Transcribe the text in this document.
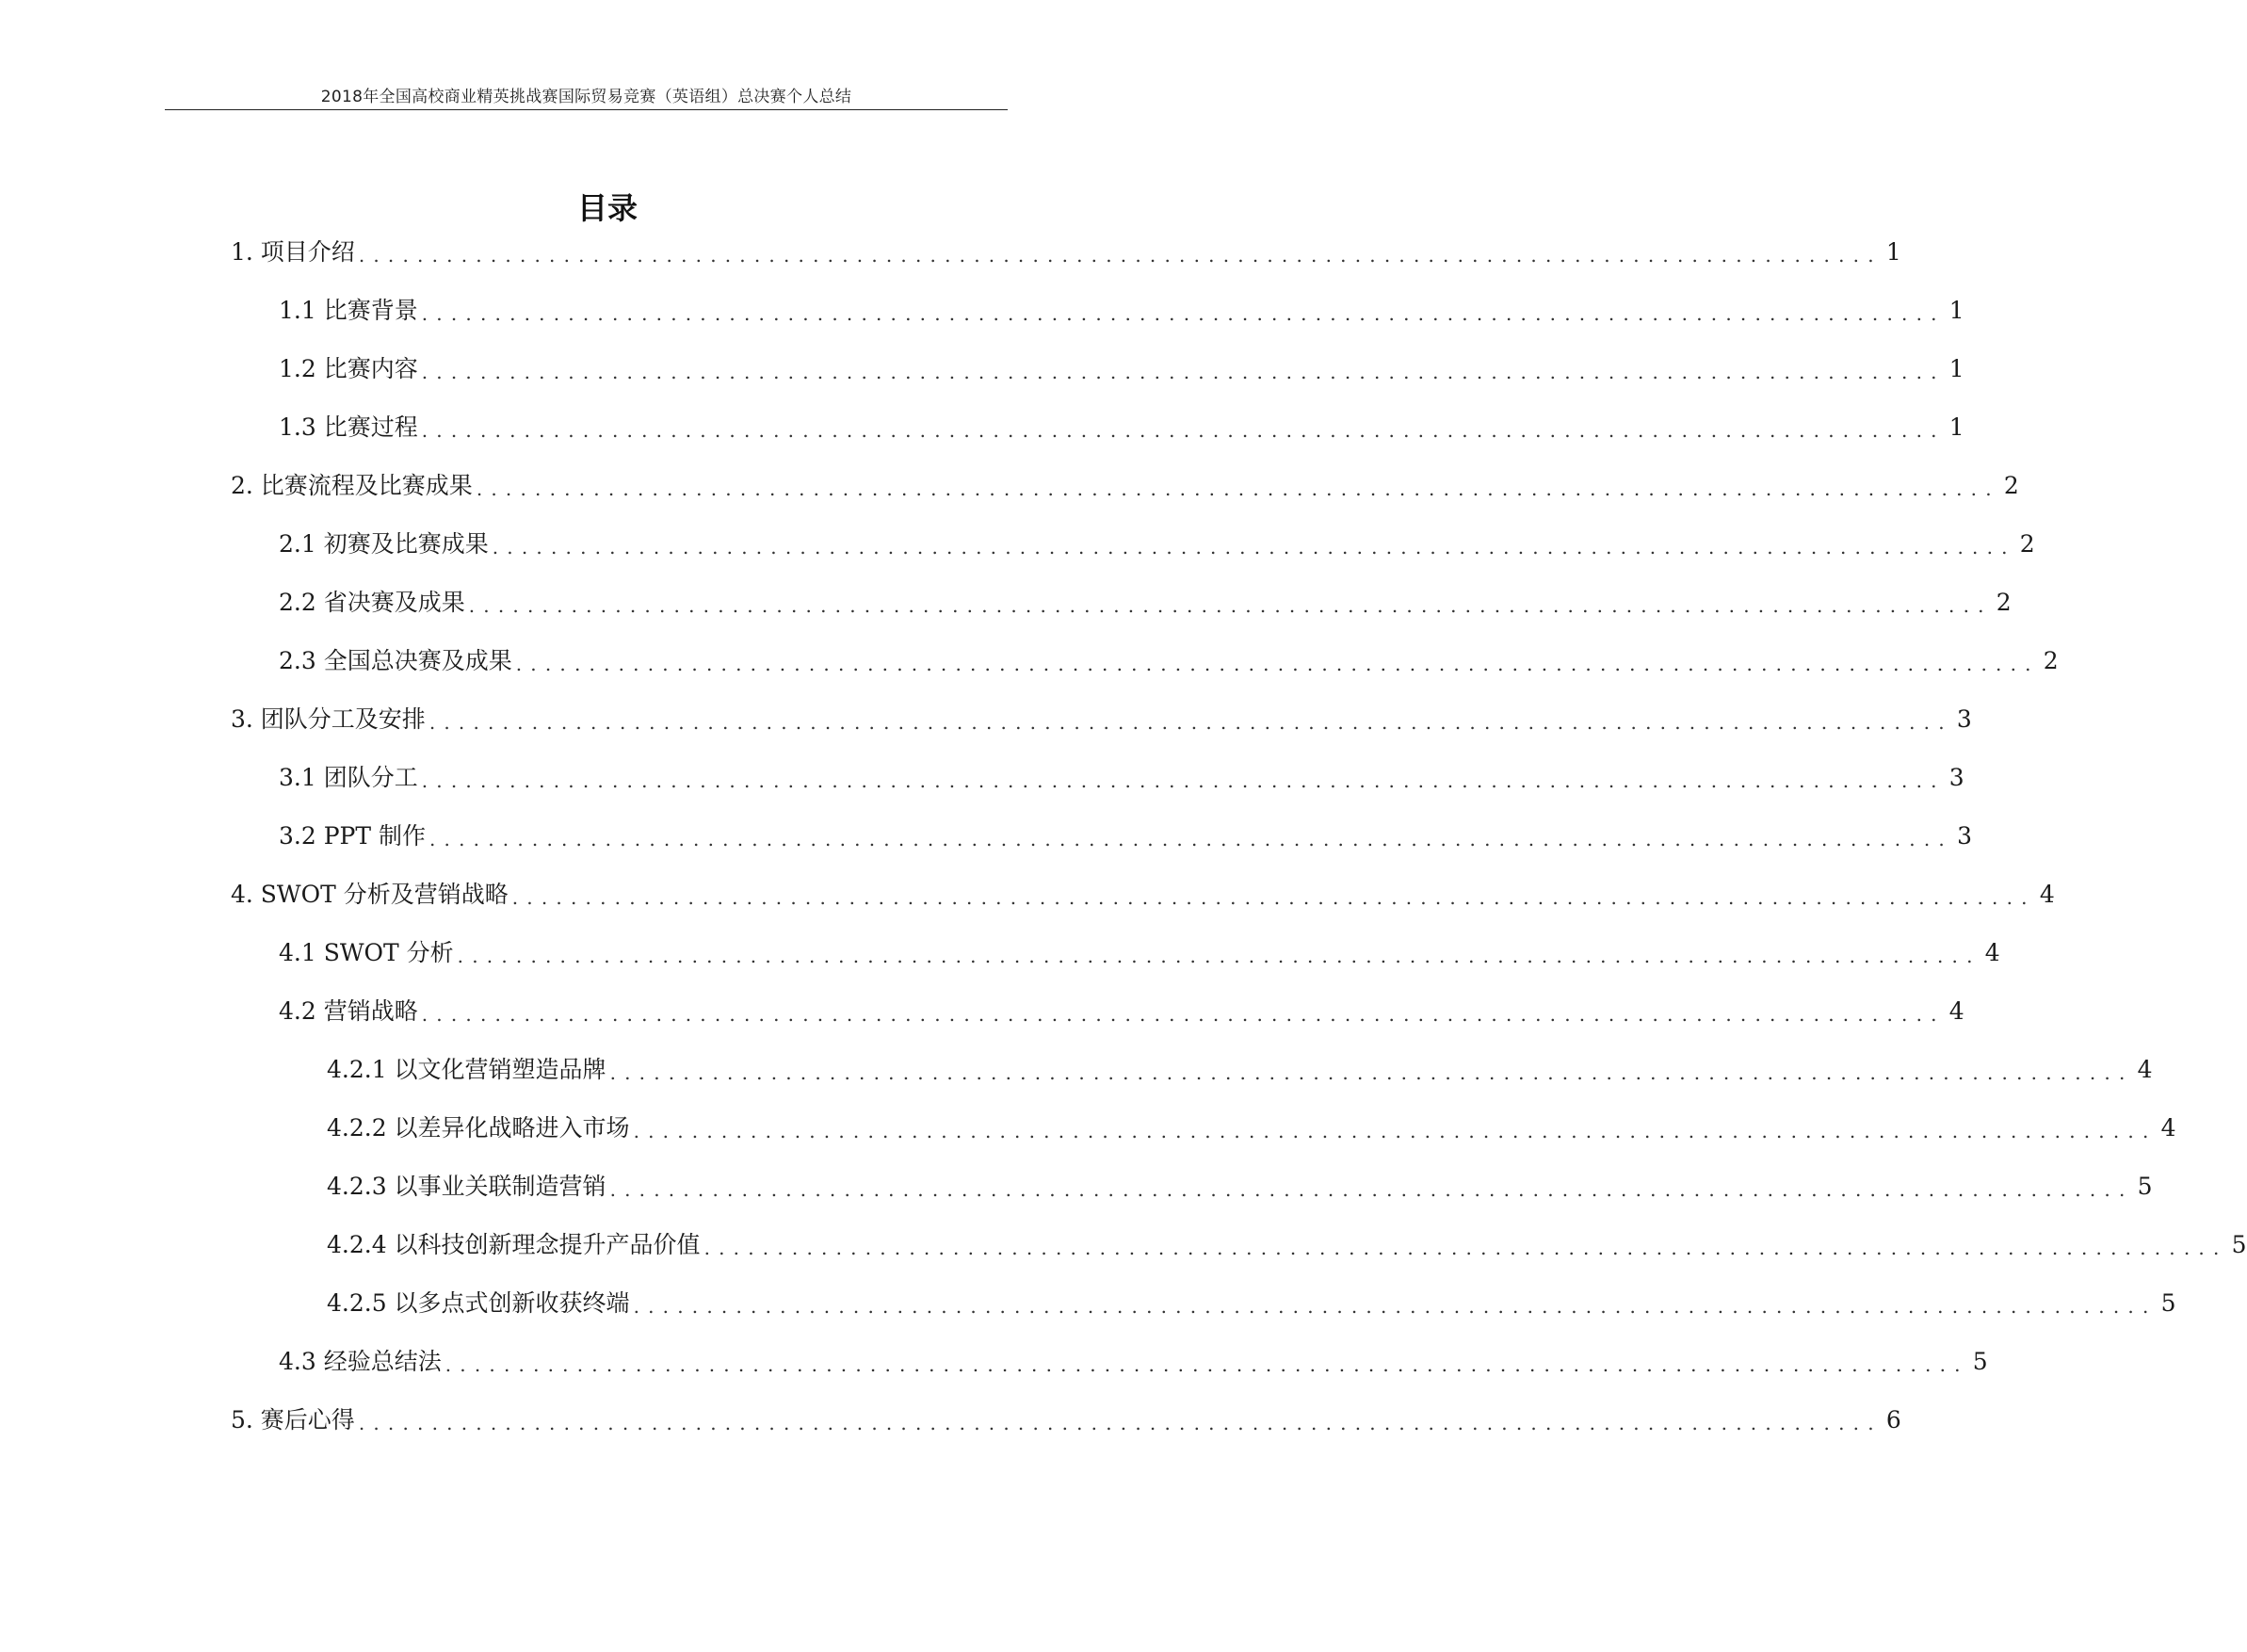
2018年全国高校商业精英挑战赛国际贸易竞赛（英语组）总决赛个人总结
目录
1. 项目介绍 ........................................................................................................ 1
1.1 比赛背景 ........................................................................................................ 1
1.2 比赛内容 ........................................................................................................ 1
1.3 比赛过程 ........................................................................................................ 1
2. 比赛流程及比赛成果 ........................................................................................................ 2
2.1 初赛及比赛成果 ........................................................................................................ 2
2.2 省决赛及成果 ........................................................................................................ 2
2.3 全国总决赛及成果 ........................................................................................................ 2
3. 团队分工及安排 ........................................................................................................ 3
3.1 团队分工 ........................................................................................................ 3
3.2 PPT 制作 ........................................................................................................ 3
4. SWOT 分析及营销战略 ........................................................................................................ 4
4.1 SWOT 分析 ........................................................................................................ 4
4.2 营销战略 ........................................................................................................ 4
4.2.1 以文化营销塑造品牌 ........................................................................................................ 4
4.2.2 以差异化战略进入市场 ........................................................................................................ 4
4.2.3 以事业关联制造营销 ........................................................................................................ 5
4.2.4 以科技创新理念提升产品价值 ........................................................................................................ 5
4.2.5 以多点式创新收获终端 ........................................................................................................ 5
4.3 经验总结法 ........................................................................................................ 5
5. 赛后心得 ........................................................................................................ 6
